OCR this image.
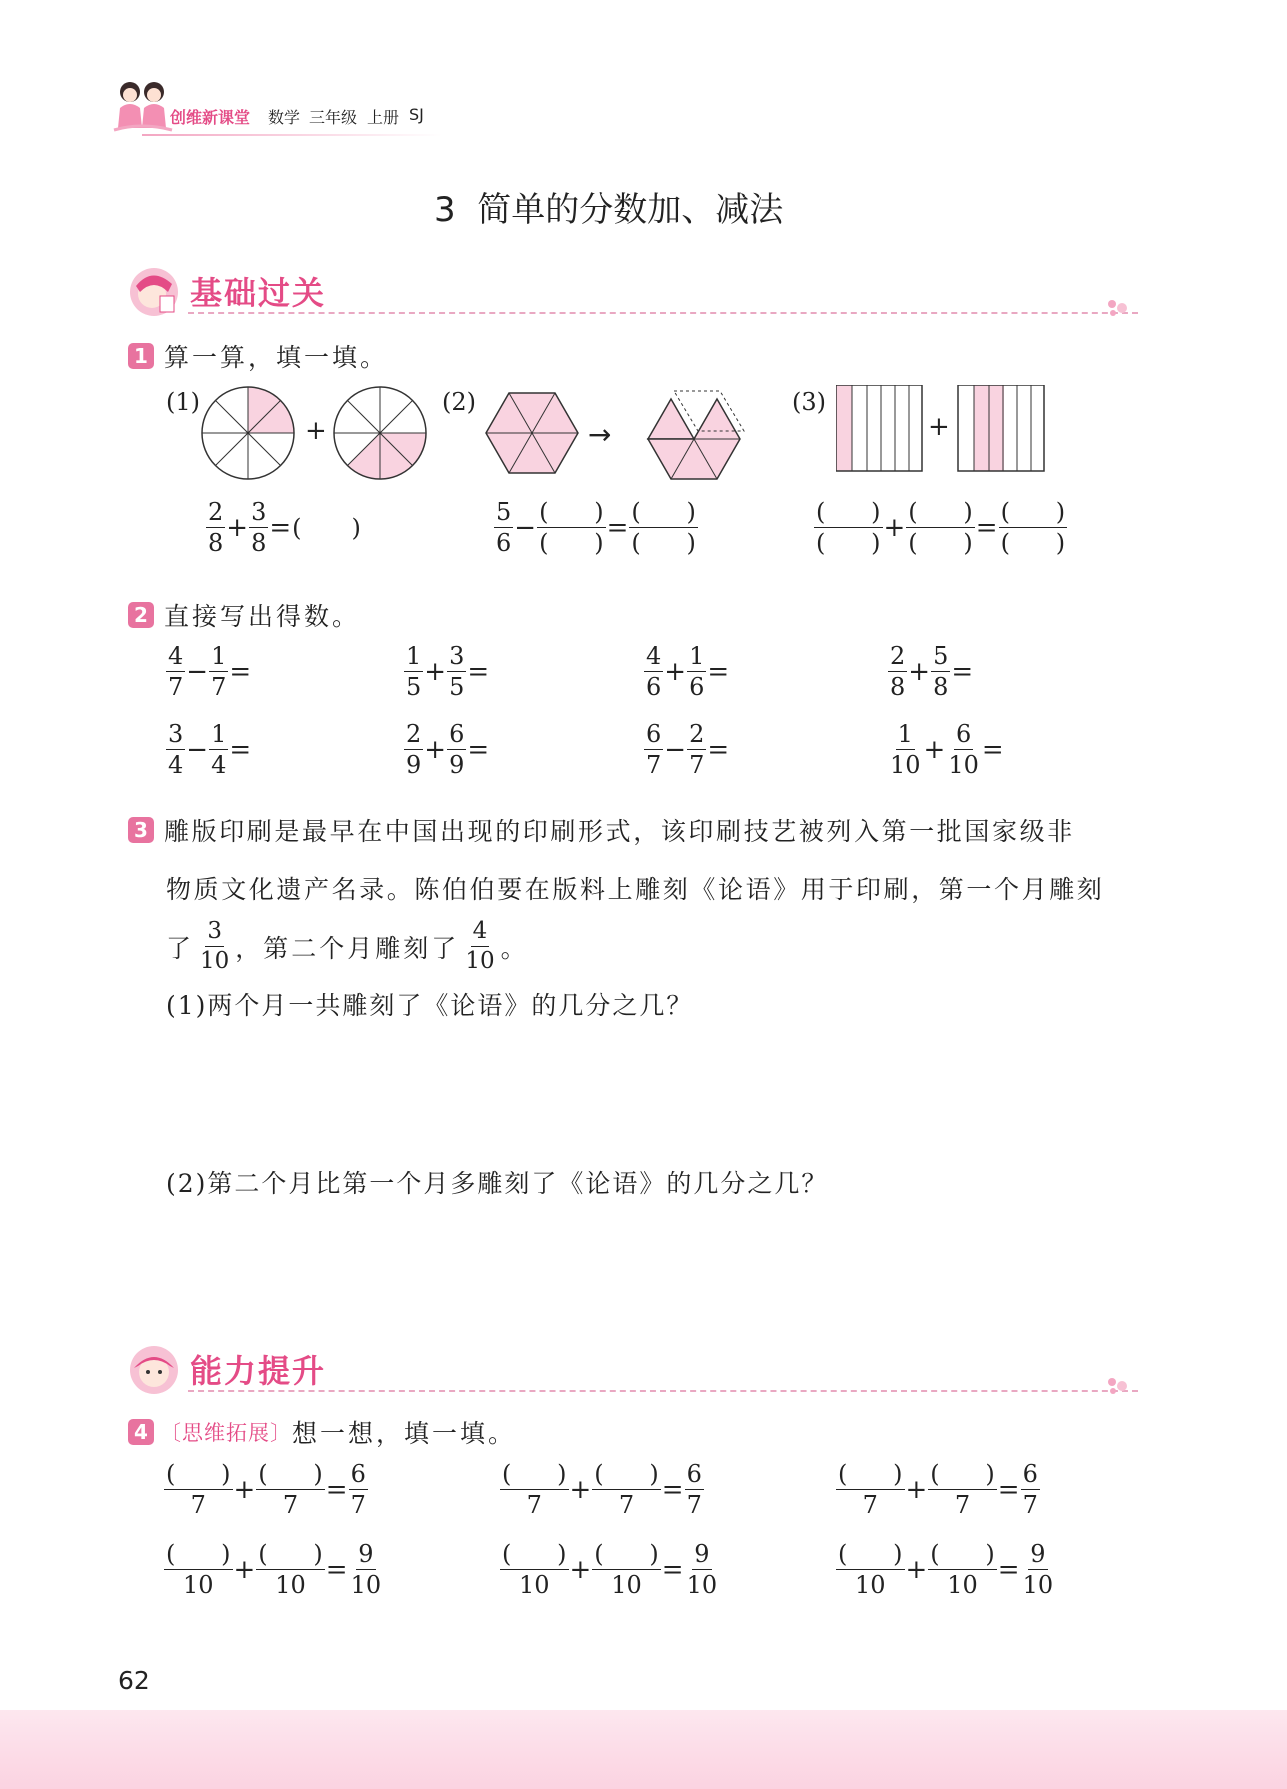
创维新课堂 数学 三年级 上册 SJ
3  简单的分数加、减法
基础过关
1 算一算，填一填。
(1)	(2)	(3)
+	→	+
$\frac{2}{8} + \frac{3}{8}$ = ( )	$\frac{5}{6} - \frac{( )}{( )} = \frac{( )}{( )}$	$\frac{( )}{( )} + \frac{( )}{( )} = \frac{( )}{( )}$
2 直接写出得数。
$\frac{4}{7} - \frac{1}{7}$ =	$\frac{1}{5} + \frac{3}{5}$ =	$\frac{4}{6} + \frac{1}{6}$ =	$\frac{2}{8} + \frac{5}{8}$ =
$\frac{3}{4} - \frac{1}{4}$ =	$\frac{2}{9} + \frac{6}{9}$ =	$\frac{6}{7} - \frac{2}{7}$ =	$\frac{1}{10} + \frac{6}{10}$ =
3 雕版印刷是最早在中国出现的印刷形式，该印刷技艺被列入第一批国家级非
物质文化遗产名录。陈伯伯要在版料上雕刻《论语》用于印刷，第一个月雕刻
了 $\frac{3}{10}$ ，第二个月雕刻了 $\frac{4}{10}$ 。
(1)两个月一共雕刻了《论语》的几分之几？
(2)第二个月比第一个月多雕刻了《论语》的几分之几？
能力提升
4 〔思维拓展〕 想一想，填一填。
$\frac{( )}{7} + \frac{( )}{7} = \frac{6}{7}$	$\frac{( )}{7} + \frac{( )}{7} = \frac{6}{7}$	$\frac{( )}{7} + \frac{( )}{7} = \frac{6}{7}$
$\frac{( )}{10} + \frac{( )}{10} = \frac{9}{10}$	$\frac{( )}{10} + \frac{( )}{10} = \frac{9}{10}$	$\frac{( )}{10} + \frac{( )}{10} = \frac{9}{10}$
62
